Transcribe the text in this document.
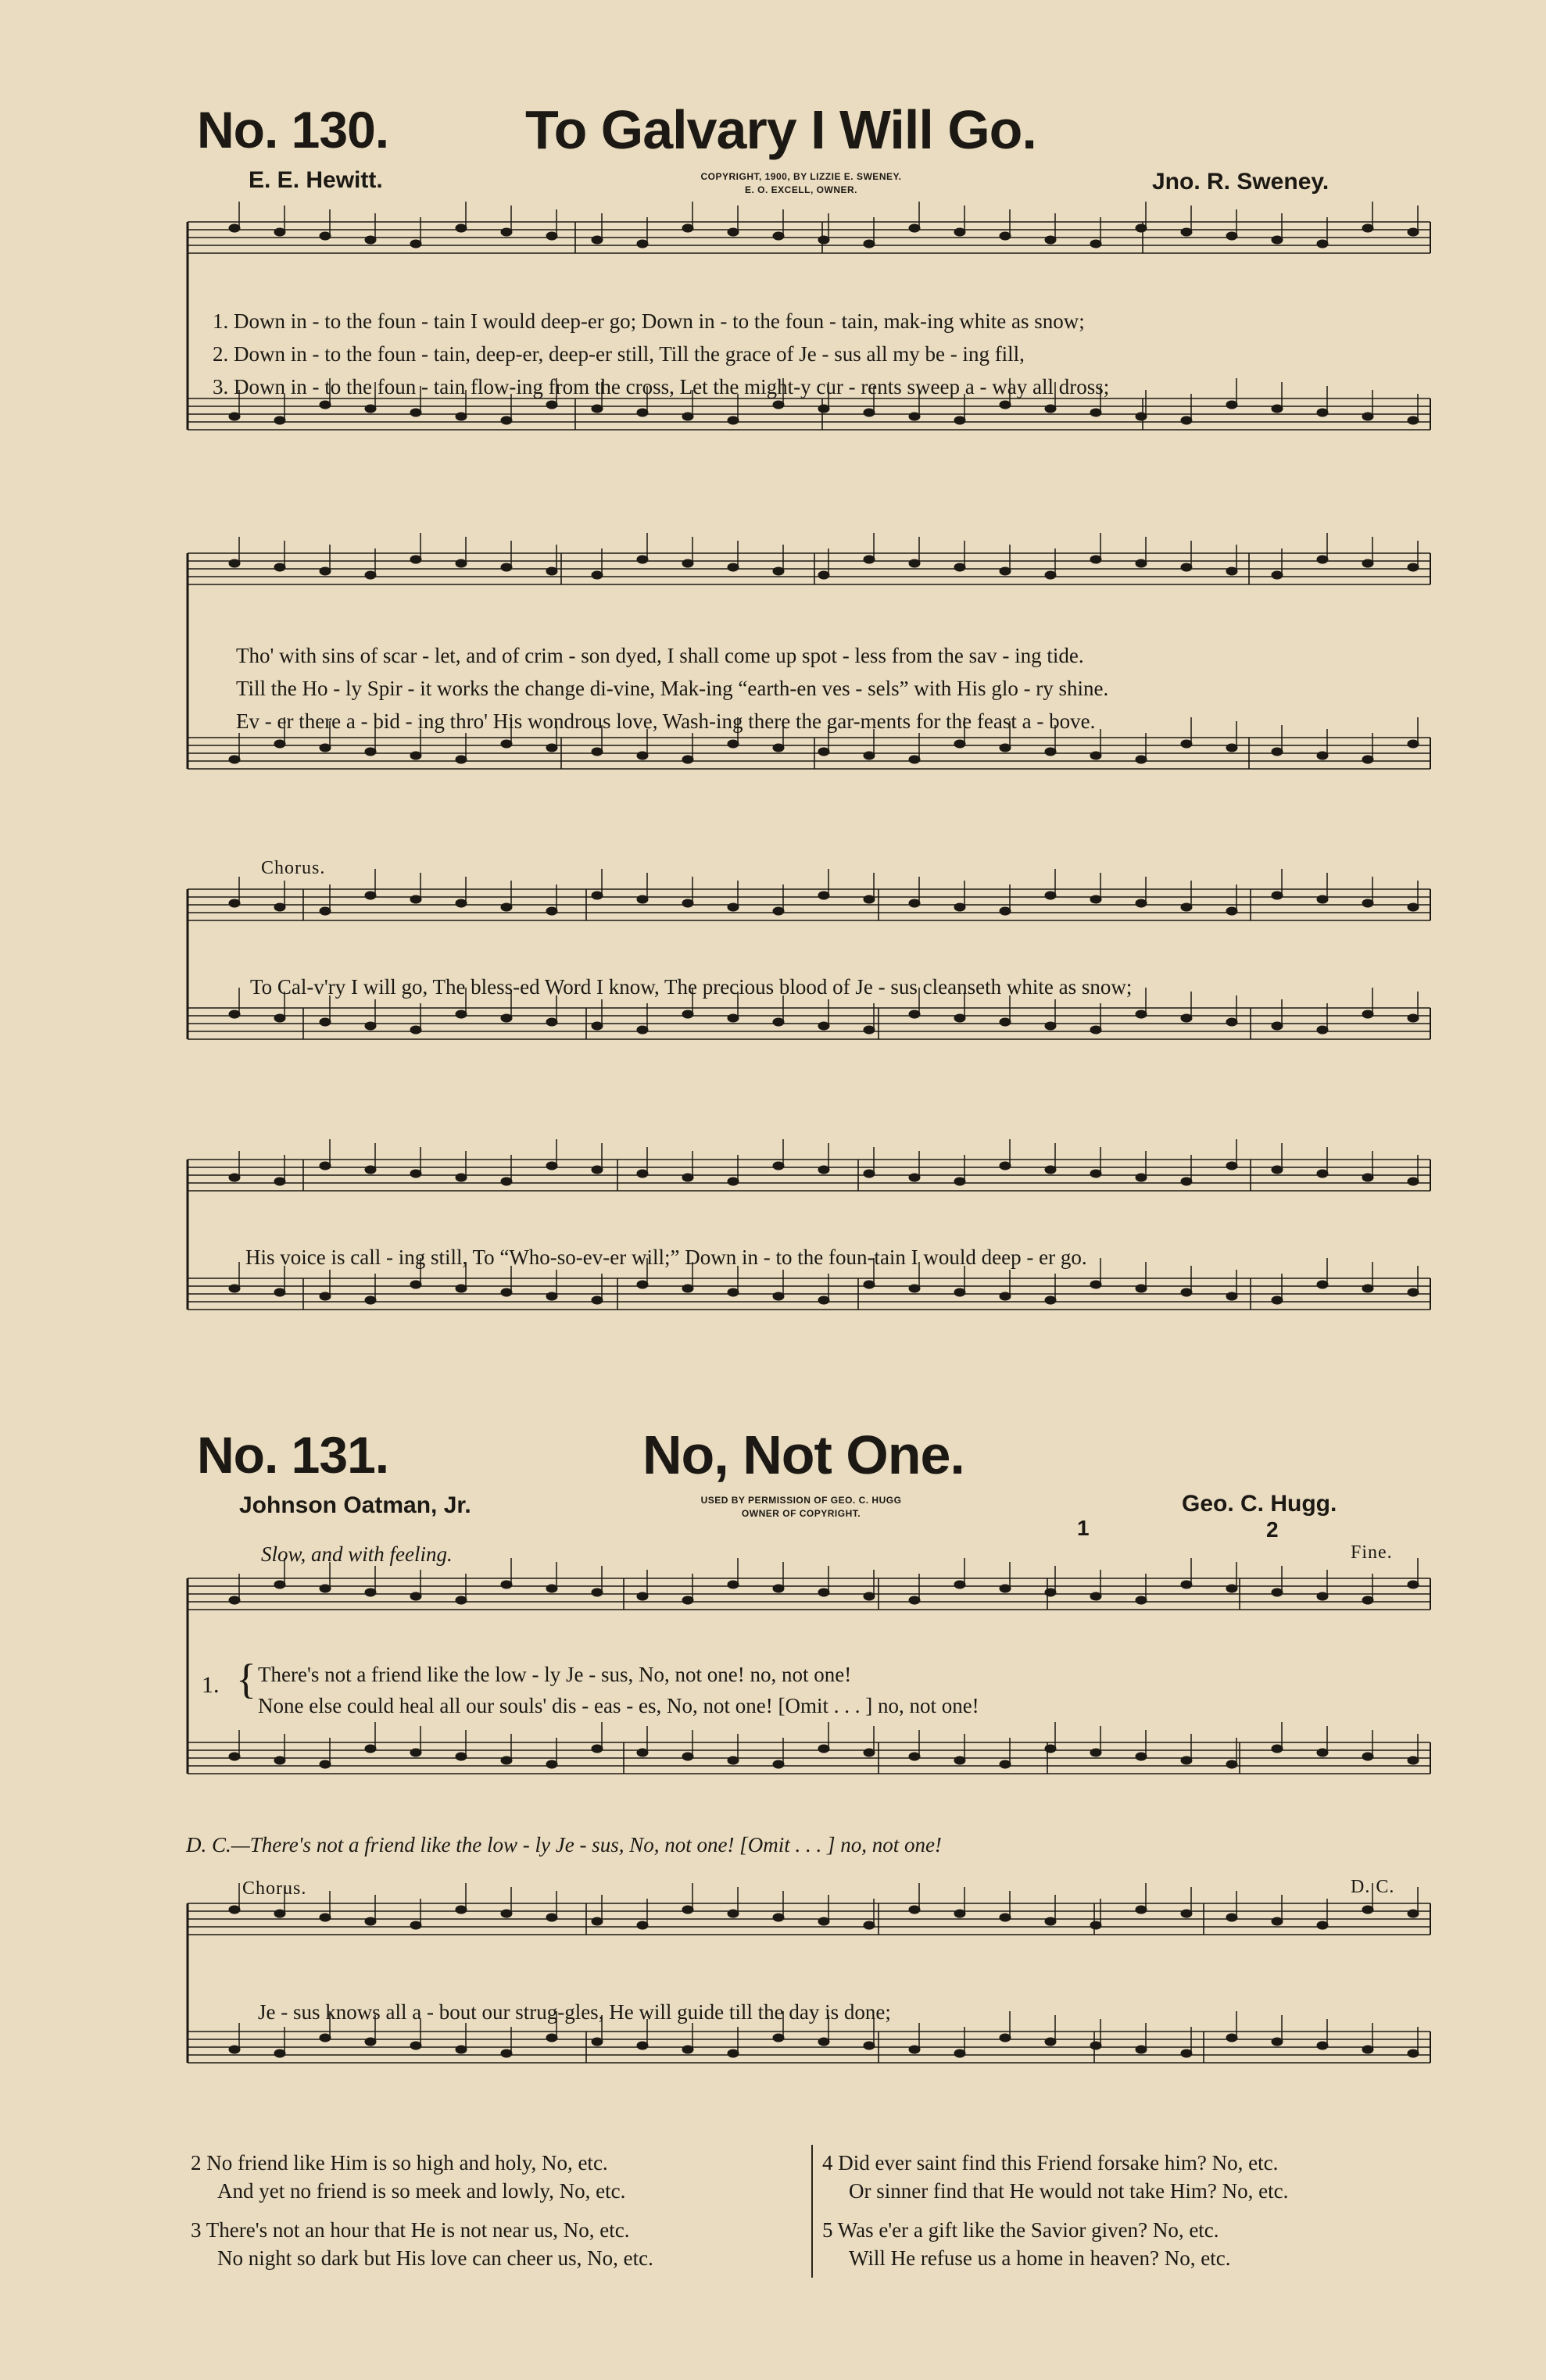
No. 130. To Galvary I Will Go.
E. E. Hewitt.	COPYRIGHT, 1900, BY LIZZIE E. SWENEY.
E. O. EXCELL, OWNER.	Jno. R. Sweney.
1. Down in - to the foun - tain I would deep-er go; Down in - to the foun - tain, mak-ing white as snow;
2. Down in - to the foun - tain, deep-er, deep-er still, Till the grace of Je - sus all my be - ing fill,
3. Down in - to the foun - tain flow-ing from the cross, Let the might-y cur - rents sweep a - way all dross;
Tho' with sins of scar - let, and of crim - son dyed, I shall come up spot - less from the sav - ing tide.
Till the Ho - ly Spir - it works the change di-vine, Mak-ing “earth-en ves - sels” with His glo - ry shine.
Ev - er there a - bid - ing thro' His wondrous love, Wash-ing there the gar-ments for the feast a - bove.
Chorus.
To Cal-v'ry I will go, The bless-ed Word I know, The precious blood of Je - sus cleanseth white as snow;
His voice is call - ing still, To “Who-so-ev-er will;” Down in - to the foun-tain I would deep - er go.
No. 131.	No, Not One.
Johnson Oatman, Jr.	USED BY PERMISSION OF GEO. C. HUGG
OWNER OF COPYRIGHT.	Geo. C. Hugg.
Slow, and with feeling.
1	2
Fine.
1. { There's not a friend like the low - ly Je - sus, No, not one! no, not one!
None else could heal all our souls' dis - eas - es, No, not one! [Omit . . . ] no, not one!
D. C.—There's not a friend like the low - ly Je - sus, No, not one! [Omit . . . ] no, not one!
Chorus.	D. C.
Je - sus knows all a - bout our strug-gles, He will guide till the day is done;
2 No friend like Him is so high and holy, No, etc.
And yet no friend is so meek and lowly, No, etc.
3 There's not an hour that He is not near us, No, etc.
No night so dark but His love can cheer us, No, etc.
4 Did ever saint find this Friend forsake him? No, etc.
Or sinner find that He would not take Him? No, etc.
5 Was e'er a gift like the Savior given? No, etc.
Will He refuse us a home in heaven? No, etc.
